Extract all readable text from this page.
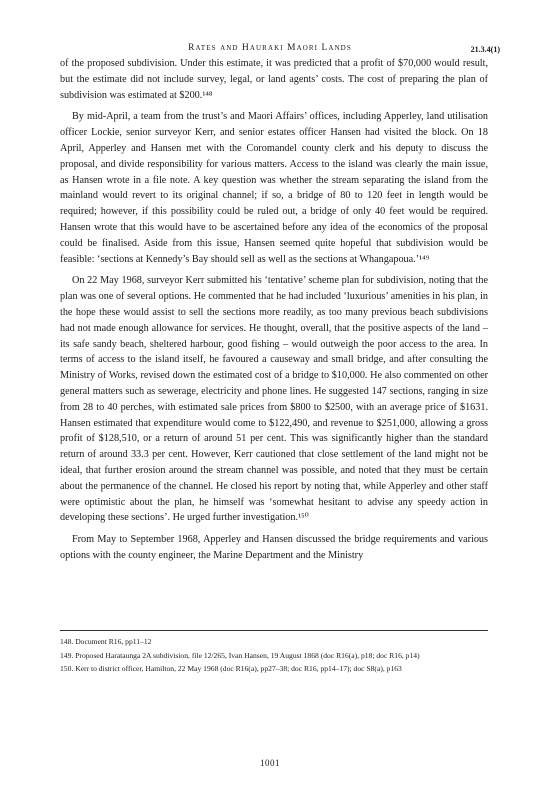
Rates and Hauraki Maori Lands	21.3.4(1)

of the proposed subdivision. Under this estimate, it was predicted that a profit of $70,000 would result, but the estimate did not include survey, legal, or land agents’ costs. The cost of preparing the plan of subdivision was estimated at $200.¹⁴⁸

By mid-April, a team from the trust’s and Maori Affairs’ offices, including Apperley, land utilisation officer Lockie, senior surveyor Kerr, and senior estates officer Hansen had visited the block. On 18 April, Apperley and Hansen met with the Coromandel county clerk and his deputy to discuss the proposal, and divide responsibility for various matters. Access to the island was clearly the main issue, as Hansen wrote in a file note. A key question was whether the stream separating the island from the mainland would revert to its original channel; if so, a bridge of 80 to 120 feet in length would be required; however, if this possibility could be ruled out, a bridge of only 40 feet would be required. Hansen wrote that this would have to be ascertained before any idea of the economics of the proposal could be finalised. Aside from this issue, Hansen seemed quite hopeful that subdivision would be feasible: ‘sections at Kennedy’s Bay should sell as well as the sections at Whangapoua.’¹⁴⁹

On 22 May 1968, surveyor Kerr submitted his ‘tentative’ scheme plan for subdivision, noting that the plan was one of several options. He commented that he had included ‘luxurious’ amenities in his plan, in the hope these would assist to sell the sections more readily, as too many previous beach subdivisions had not made enough allowance for services. He thought, overall, that the positive aspects of the land – its safe sandy beach, sheltered harbour, good fishing – would outweigh the poor access to the area. In terms of access to the island itself, he favoured a causeway and small bridge, and after consulting the Ministry of Works, revised down the estimated cost of a bridge to $10,000. He also commented on other general matters such as sewerage, electricity and phone lines. He suggested 147 sections, ranging in size from 28 to 40 perches, with estimated sale prices from $800 to $2500, with an average price of $1631. Hansen estimated that expenditure would come to $122,490, and revenue to $251,000, allowing a gross profit of $128,510, or a return of around 51 per cent. This was significantly higher than the standard return of around 33.3 per cent. However, Kerr cautioned that close settlement of the land might not be ideal, that further erosion around the stream channel was possible, and noted that they must be certain about the permanence of the channel. He closed his report by noting that, while Apperley and other staff were optimistic about the plan, he himself was ‘somewhat hesitant to advise any speedy action in developing these sections’. He urged further investigation.¹⁵⁰

From May to September 1968, Apperley and Hansen discussed the bridge requirements and various options with the county engineer, the Marine Department and the Ministry

148. Document R16, pp11–12
149. Proposed Harataunga 2A subdivision, file 12/265, Ivan Hansen, 19 August 1868 (doc R16(a), p18; doc R16, p14)
150. Kerr to district officer, Hamilton, 22 May 1968 (doc R16(a), pp27–38; doc R16, pp14–17); doc S8(a), p163
1001
